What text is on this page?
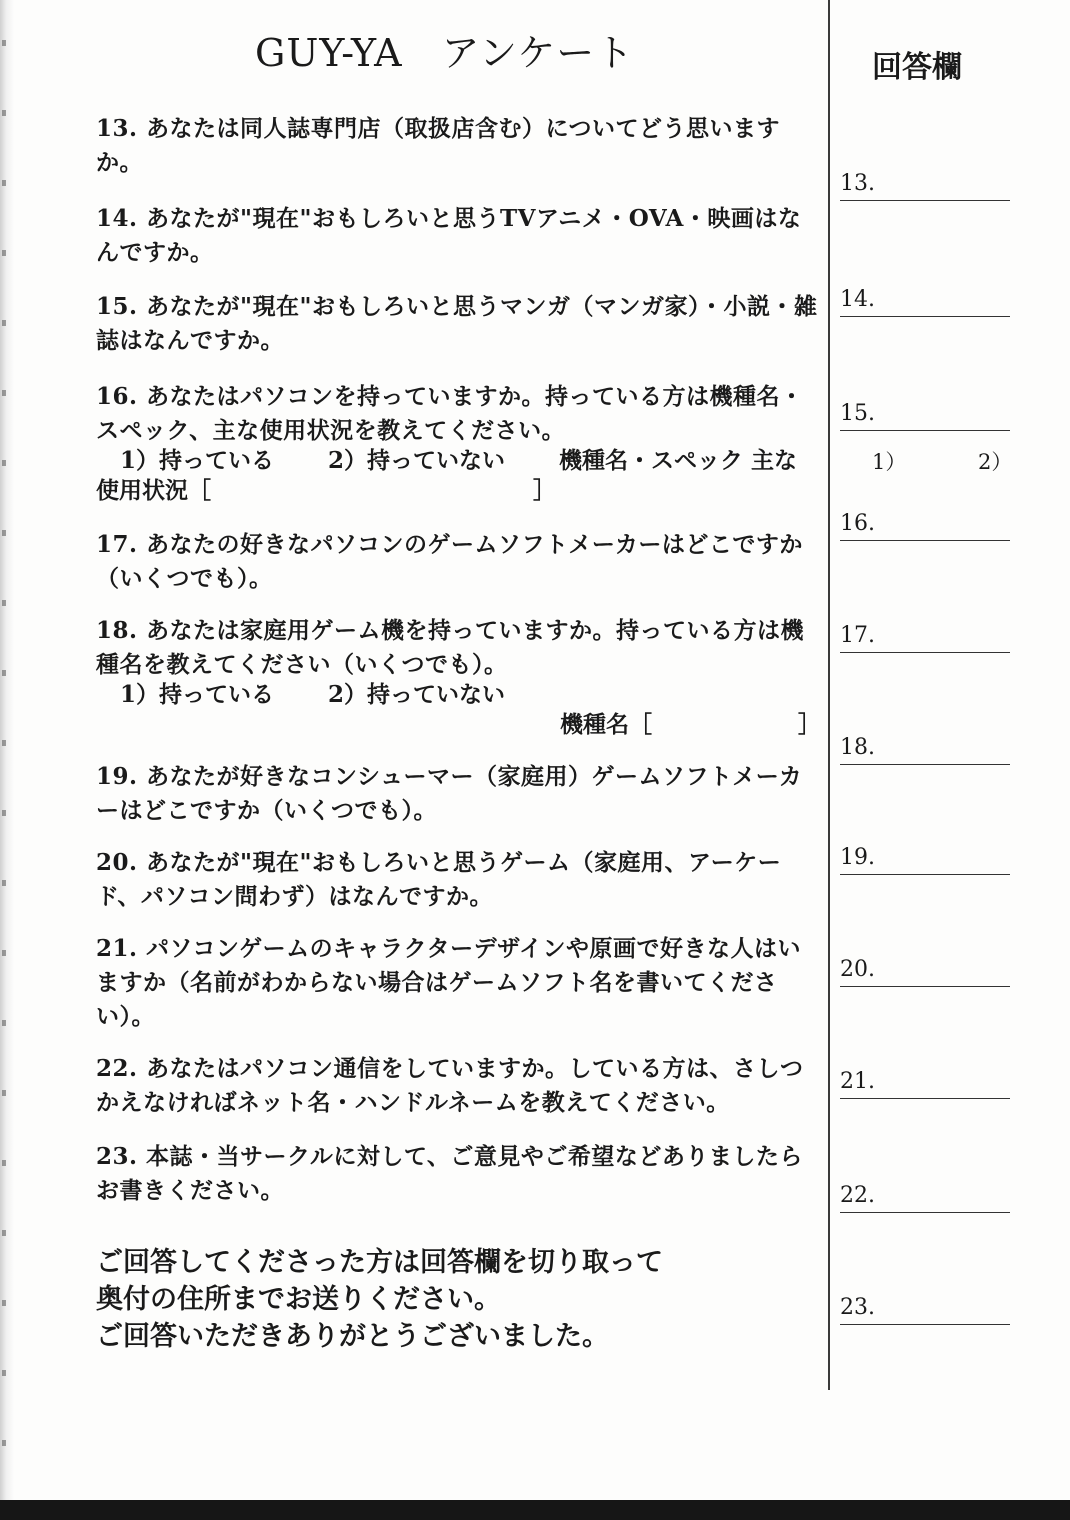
GUY-YA　アンケート	回答欄
13. あなたは同人誌専門店（取扱店含む）についてどう思いますか。
14. あなたが"現在"おもしろいと思うTVアニメ・OVA・映画はなんですか。
15. あなたが"現在"おもしろいと思うマンガ（マンガ家）・小説・雑誌はなんですか。
16. あなたはパソコンを持っていますか。持っている方は機種名・スペック、主な使用状況を教えてください。
1）持っている　　 2）持っていない　　 機種名・スペック 主な
使用状況［　　　　　　　　　　　　　　］
17. あなたの好きなパソコンのゲームソフトメーカーはどこですか（いくつでも）。
18. あなたは家庭用ゲーム機を持っていますか。持っている方は機種名を教えてください（いくつでも）。
1）持っている　　 2）持っていない
機種名［　　　　　　 ］
19. あなたが好きなコンシューマー（家庭用）ゲームソフトメーカーはどこですか（いくつでも）。
20. あなたが"現在"おもしろいと思うゲーム（家庭用、アーケード、パソコン問わず）はなんですか。
21. パソコンゲームのキャラクターデザインや原画で好きな人はいますか（名前がわからない場合はゲームソフト名を書いてください）。
22. あなたはパソコン通信をしていますか。している方は、さしつかえなければネット名・ハンドルネームを教えてください。
23. 本誌・当サークルに対して、ご意見やご希望などありましたらお書きください。
13.
14.
15.
1）	2）
16.
17.
18.
19.
20.
21.
22.
23.
ご回答してくださった方は回答欄を切り取って
奥付の住所までお送りください。
ご回答いただきありがとうございました。
